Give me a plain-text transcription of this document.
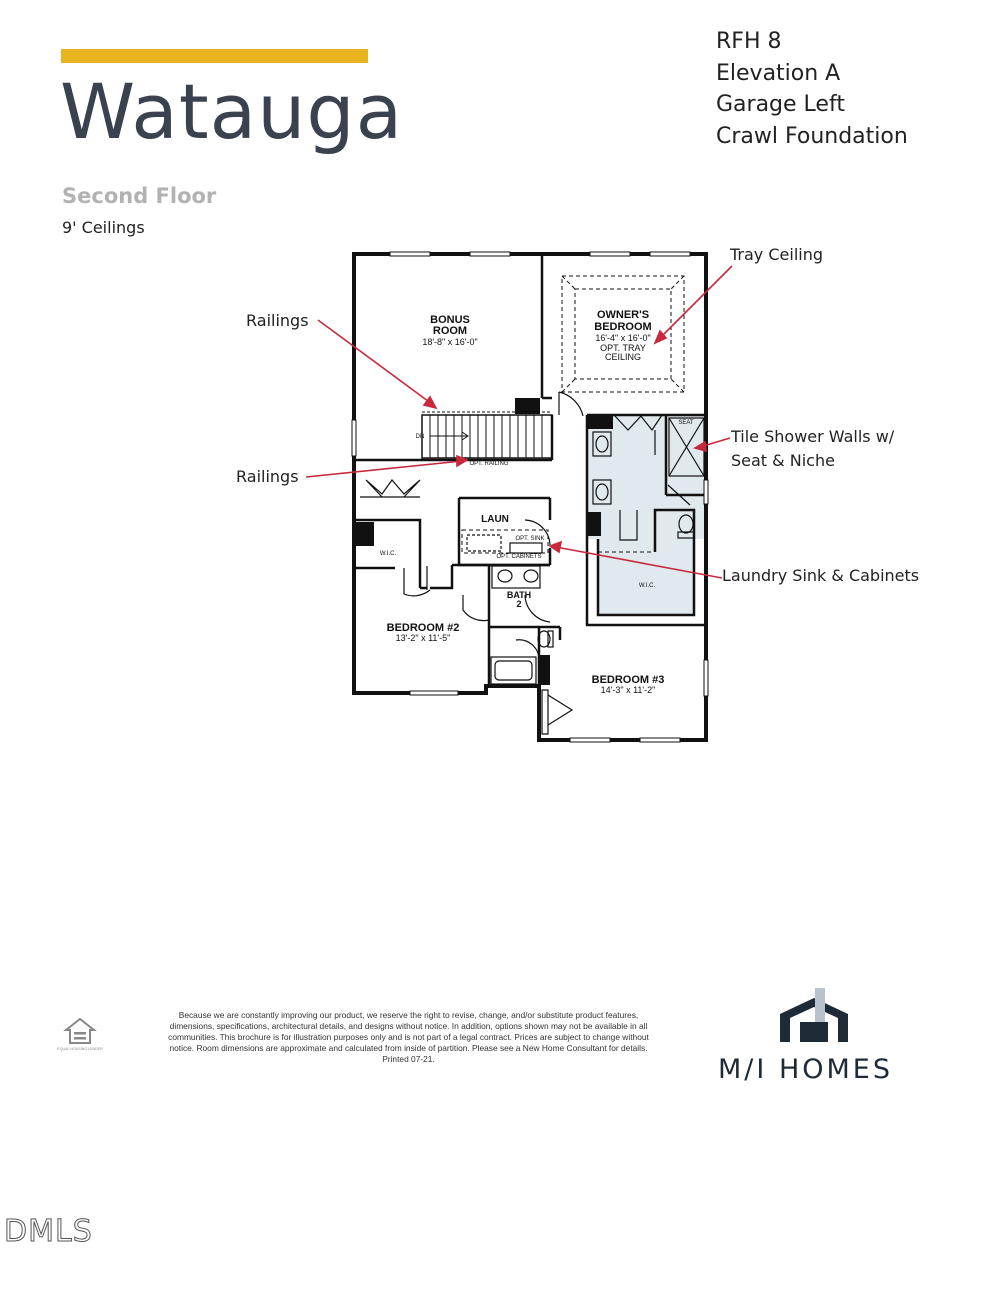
Watauga
Second Floor
9' Ceilings
RFH 8
Elevation A
Garage Left
Crawl Foundation
BONUS
ROOM
18'-8" x 16'-0"
OWNER'S
BEDROOM
16'-4" x 16'-0"
OPT. TRAY
CEILING
BEDROOM #2
13'-2" x 11'-5"
BEDROOM #3
14'-3" x 11'-2"
LAUN
BATH
2
W.I.C.
W.I.C.
SEAT
DN
OPT. RAILING
OPT. SINK
OPT. CABINETS
Tray Ceiling
Railings
Railings
Tile Shower Walls w/
Seat & Niche
Laundry Sink & Cabinets
EQUAL HOUSING LENDER
Because we are constantly improving our product, we reserve the right to revise, change, and/or substitute product features, dimensions, specifications, architectural details, and designs without notice. In addition, options shown may not be available in all communities. This brochure is for illustration purposes only and is not part of a legal contract. Prices are subject to change without notice. Room dimensions are approximate and calculated from inside of partition. Please see a New Home Consultant for details. Printed 07-21.	M/I HOMES
DMLS
